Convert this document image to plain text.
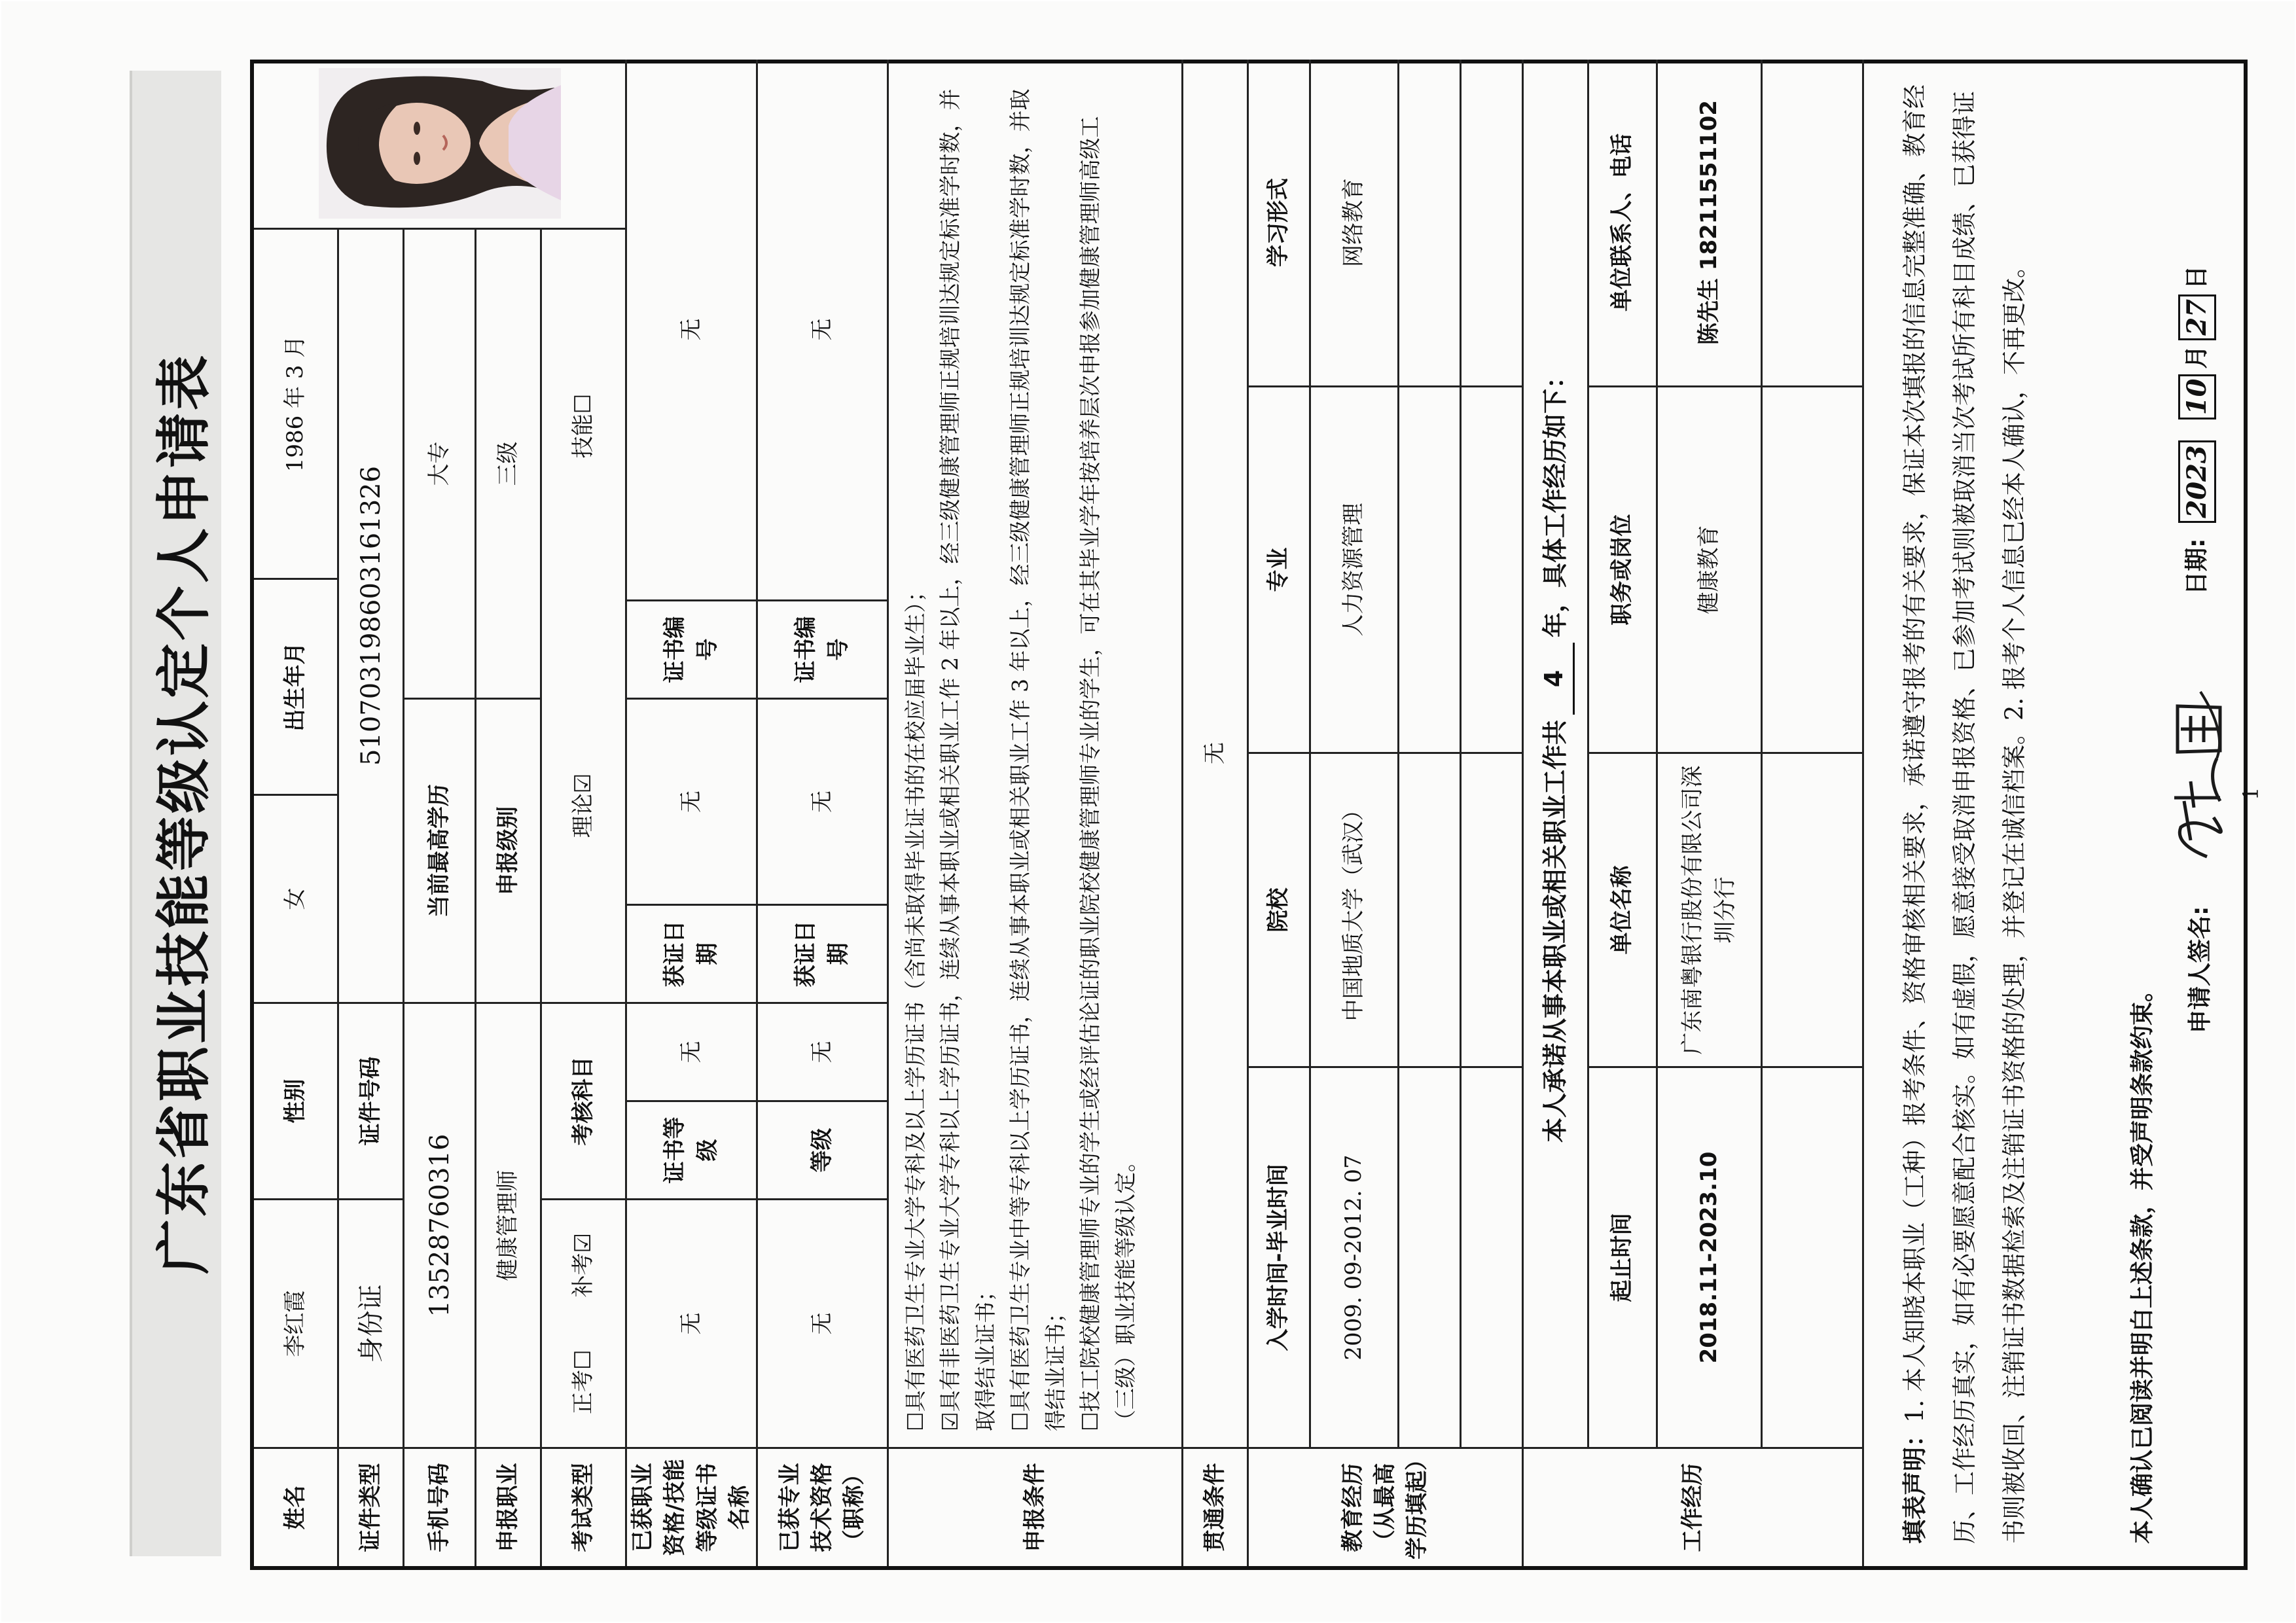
广东省职业技能等级认定个人申请表
姓名
李红霞
性别
女
出生年月
1986 年 3 月
证件类型
身份证
证件号码
510703198603161326
手机号码
13528760316
当前最高学历
大专
申报职业
健康管理师
申报级别
三级
考试类型
正考☐
补考☑
考核科目
理论☑
技能☐
已获职业资格/技能等级证书名称
无
证书等级
无
获证日期
无
证书编号
无
已获专业技术资格（职称）
无
等级
无
获证日期
无
证书编号
无
申报条件
☐具有医药卫生专业大学专科及以上学历证书（含尚未取得毕业证书的在校应届毕业生）； ☑具有非医药卫生专业大学专科以上学历证书，连续从事本职业或相关职业工作 2 年以上，经三级健康管理师正规培训达规定标准学时数，并取得结业证书； ☐具有医药卫生专业中等专科以上学历证书，连续从事本职业或相关职业工作 3 年以上，经三级健康管理师正规培训达规定标准学时数，并取得结业证书； ☐技工院校健康管理师专业的学生或经评估论证的职业院校健康管理师专业的学生，可在其毕业学年按培养层次申报参加健康管理师高级工（三级）职业技能等级认定。
贯通条件
无
教育经历（从最高学历填起）
入学时间-毕业时间
院校
专业
学习形式
2009. 09-2012. 07
中国地质大学（武汉）
人力资源管理
网络教育
工作经历
本人承诺从事本职业或相关职业工作共
4
年，具体工作经历如下：
起止时间
单位名称
职务或岗位
单位联系人、电话
2018.11-2023.10
广东南粤银行股份有限公司深圳分行
健康教育
陈先生 18211551102
填表声明：1. 本人知晓本职业（工种）报考条件、资格审核相关要求，承诺遵守报考的有关要求，保证本次填报的信息完整准确、教育经历、工作经历真实，如有必要愿意配合核实。如有虚假，愿意接受取消申报资格、已参加考试则被取消当次考试所有科目成绩、已获得证书则被收回、注销证书数据检索及注销证书资格的处理，并登记在诚信档案。2. 报考个人信息已经本人确认，不再更改。	本人确认已阅读并明白上述条款，并受声明条款约束。
申请人签名:
日期:
2023
10
月
27
日
1
